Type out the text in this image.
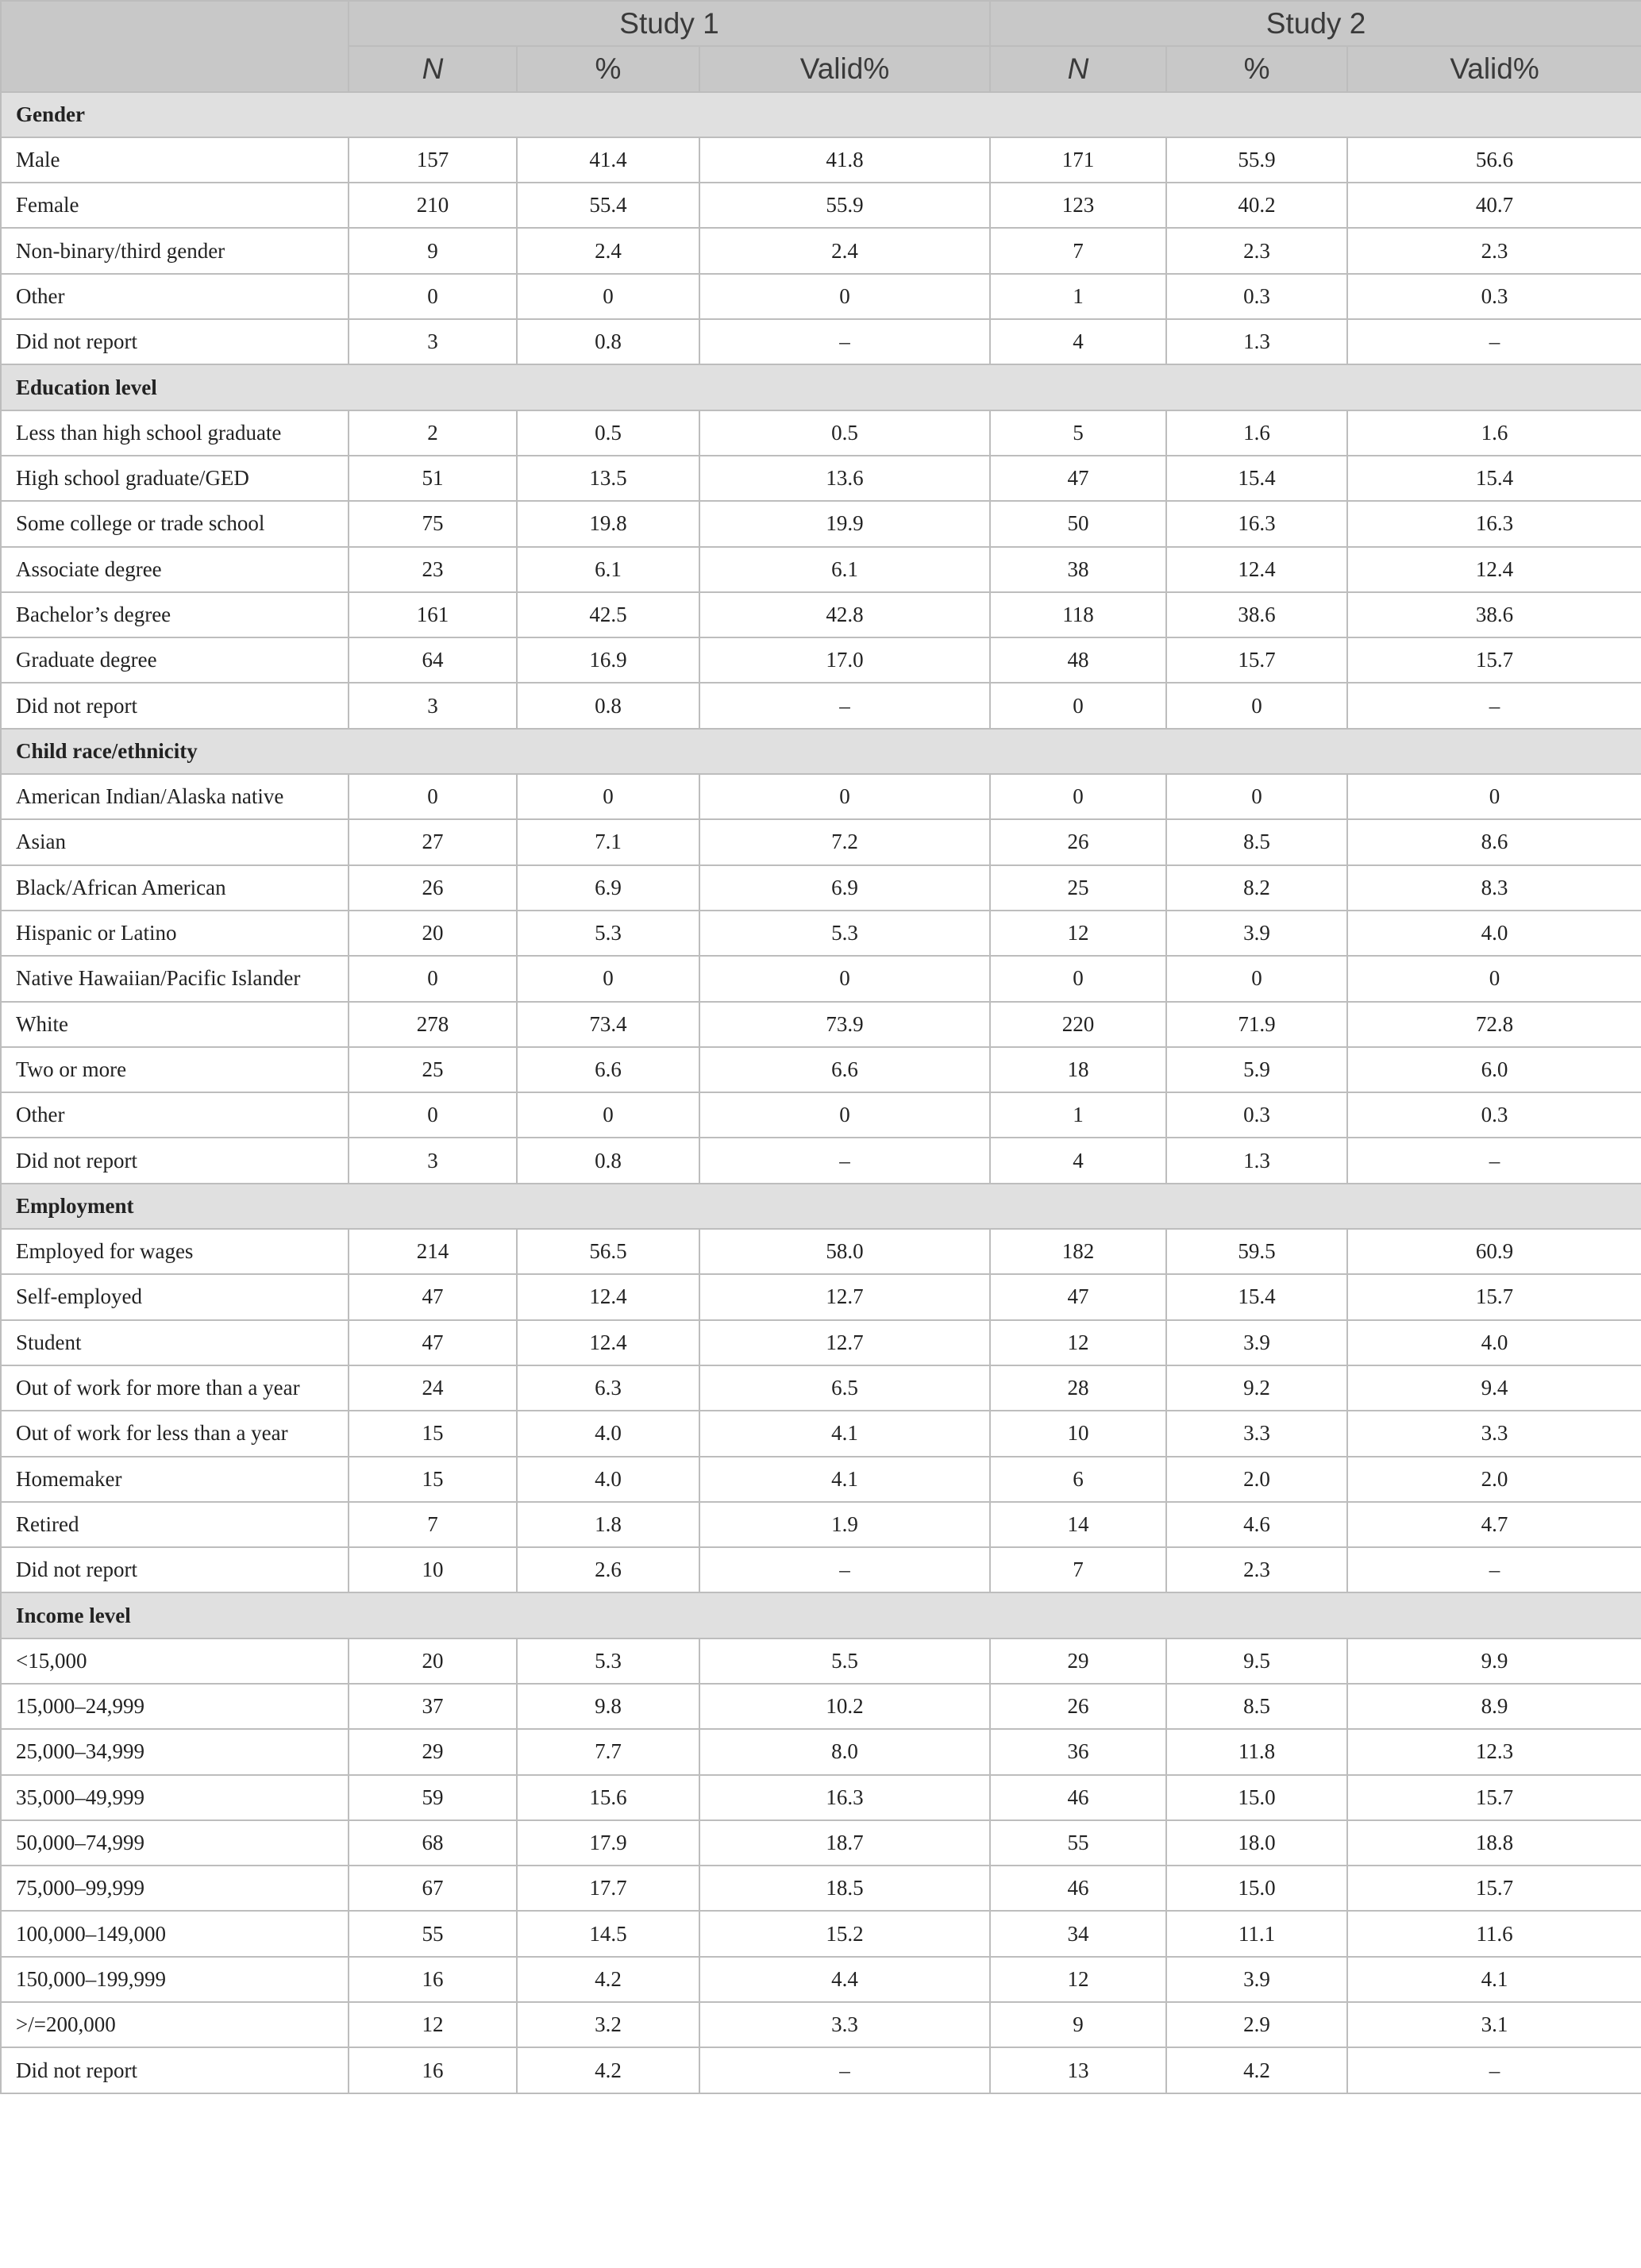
	Study 1			Study 2		
	N	%	Valid%	N	%	Valid%
Gender						
Male	157	41.4	41.8	171	55.9	56.6
Female	210	55.4	55.9	123	40.2	40.7
Non-binary/third gender	9	2.4	2.4	7	2.3	2.3
Other	0	0	0	1	0.3	0.3
Did not report	3	0.8	–	4	1.3	–
Education level						
Less than high school graduate	2	0.5	0.5	5	1.6	1.6
High school graduate/GED	51	13.5	13.6	47	15.4	15.4
Some college or trade school	75	19.8	19.9	50	16.3	16.3
Associate degree	23	6.1	6.1	38	12.4	12.4
Bachelor’s degree	161	42.5	42.8	118	38.6	38.6
Graduate degree	64	16.9	17.0	48	15.7	15.7
Did not report	3	0.8	–	0	0	–
Child race/ethnicity						
American Indian/Alaska native	0	0	0	0	0	0
Asian	27	7.1	7.2	26	8.5	8.6
Black/African American	26	6.9	6.9	25	8.2	8.3
Hispanic or Latino	20	5.3	5.3	12	3.9	4.0
Native Hawaiian/Pacific Islander	0	0	0	0	0	0
White	278	73.4	73.9	220	71.9	72.8
Two or more	25	6.6	6.6	18	5.9	6.0
Other	0	0	0	1	0.3	0.3
Did not report	3	0.8	–	4	1.3	–
Employment						
Employed for wages	214	56.5	58.0	182	59.5	60.9
Self-employed	47	12.4	12.7	47	15.4	15.7
Student	47	12.4	12.7	12	3.9	4.0
Out of work for more than a year	24	6.3	6.5	28	9.2	9.4
Out of work for less than a year	15	4.0	4.1	10	3.3	3.3
Homemaker	15	4.0	4.1	6	2.0	2.0
Retired	7	1.8	1.9	14	4.6	4.7
Did not report	10	2.6	–	7	2.3	–
Income level						
<15,000	20	5.3	5.5	29	9.5	9.9
15,000–24,999	37	9.8	10.2	26	8.5	8.9
25,000–34,999	29	7.7	8.0	36	11.8	12.3
35,000–49,999	59	15.6	16.3	46	15.0	15.7
50,000–74,999	68	17.9	18.7	55	18.0	18.8
75,000–99,999	67	17.7	18.5	46	15.0	15.7
100,000–149,000	55	14.5	15.2	34	11.1	11.6
150,000–199,999	16	4.2	4.4	12	3.9	4.1
>/=200,000	12	3.2	3.3	9	2.9	3.1
Did not report	16	4.2	–	13	4.2	–
